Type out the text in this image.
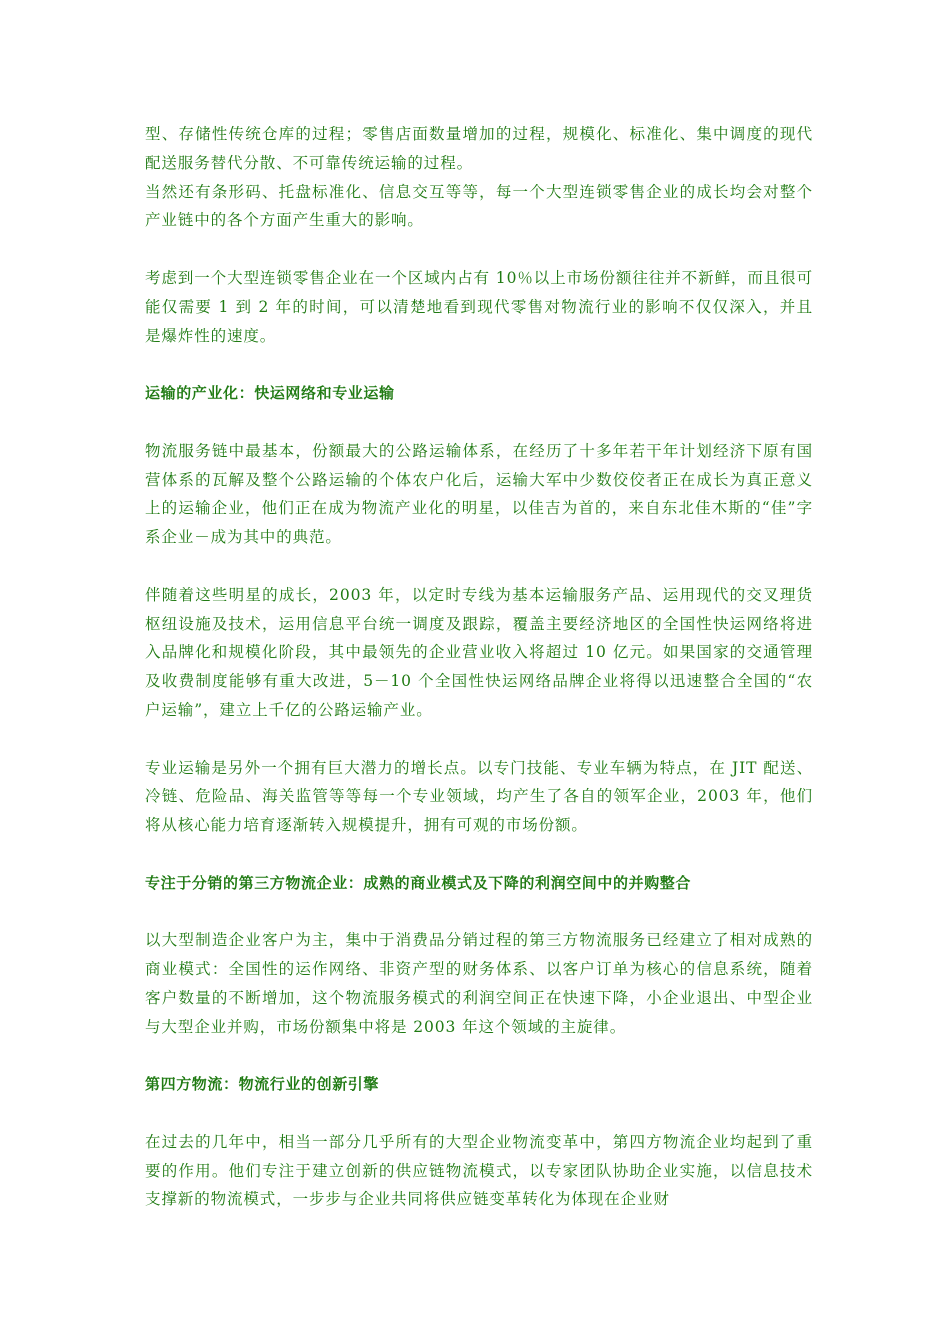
型、存储性传统仓库的过程；零售店面数量增加的过程，规模化、标准化、集中调度的现代配送服务替代分散、不可靠传统运输的过程。

当然还有条形码、托盘标准化、信息交互等等，每一个大型连锁零售企业的成长均会对整个产业链中的各个方面产生重大的影响。

考虑到一个大型连锁零售企业在一个区域内占有 10％以上市场份额往往并不新鲜，而且很可能仅需要 1 到 2 年的时间，可以清楚地看到现代零售对物流行业的影响不仅仅深入，并且是爆炸性的速度。

运输的产业化：快运网络和专业运输

物流服务链中最基本，份额最大的公路运输体系，在经历了十多年若干年计划经济下原有国营体系的瓦解及整个公路运输的个体农户化后，运输大军中少数佼佼者正在成长为真正意义上的运输企业，他们正在成为物流产业化的明星，以佳吉为首的，来自东北佳木斯的“佳”字系企业－成为其中的典范。

伴随着这些明星的成长，2003 年，以定时专线为基本运输服务产品、运用现代的交叉理货枢纽设施及技术，运用信息平台统一调度及跟踪，覆盖主要经济地区的全国性快运网络将进入品牌化和规模化阶段，其中最领先的企业营业收入将超过 10 亿元。如果国家的交通管理及收费制度能够有重大改进，5－10 个全国性快运网络品牌企业将得以迅速整合全国的“农户运输”，建立上千亿的公路运输产业。

专业运输是另外一个拥有巨大潜力的增长点。以专门技能、专业车辆为特点，在 JIT 配送、冷链、危险品、海关监管等等每一个专业领域，均产生了各自的领军企业，2003 年，他们将从核心能力培育逐渐转入规模提升，拥有可观的市场份额。

专注于分销的第三方物流企业：成熟的商业模式及下降的利润空间中的并购整合

以大型制造企业客户为主，集中于消费品分销过程的第三方物流服务已经建立了相对成熟的商业模式：全国性的运作网络、非资产型的财务体系、以客户订单为核心的信息系统，随着客户数量的不断增加，这个物流服务模式的利润空间正在快速下降，小企业退出、中型企业与大型企业并购，市场份额集中将是 2003 年这个领域的主旋律。

第四方物流：物流行业的创新引擎

在过去的几年中，相当一部分几乎所有的大型企业物流变革中，第四方物流企业均起到了重要的作用。他们专注于建立创新的供应链物流模式，以专家团队协助企业实施，以信息技术支撑新的物流模式，一步步与企业共同将供应链变革转化为体现在企业财
